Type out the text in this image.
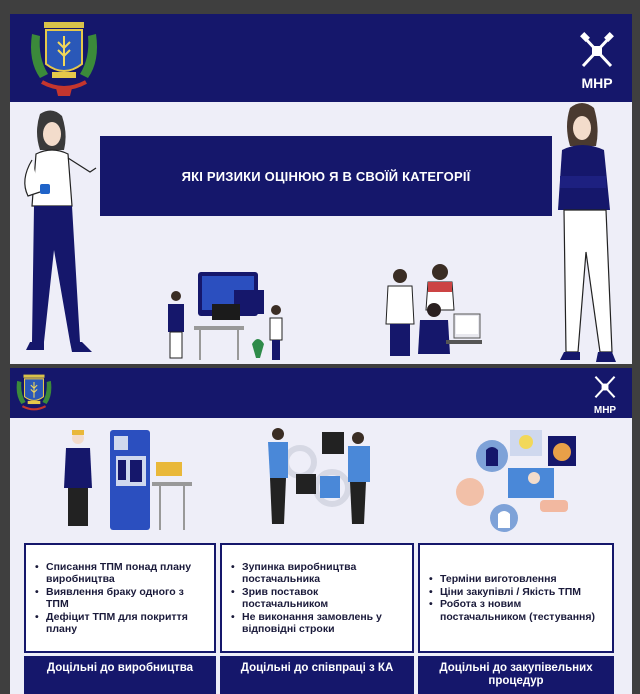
МНР
ЯКІ РИЗИКИ ОЦІНЮЮ Я В СВОЇЙ КАТЕГОРІЇ
МНР
• Списання ТПМ понад плану виробництва
• Виявлення браку одного з ТПМ
• Дефіцит ТПМ для покриття плану
• Зупинка виробництва постачальника
• Зрив поставок постачальником
• Не виконання замовлень у відповідні строки
• Терміни виготовлення
• Ціни закупівлі / Якість ТПМ
• Робота з новим постачальником (тестування)
Доцільні до виробництва	Доцільні до співпраці з КА	Доцільні до закупівельних процедур
